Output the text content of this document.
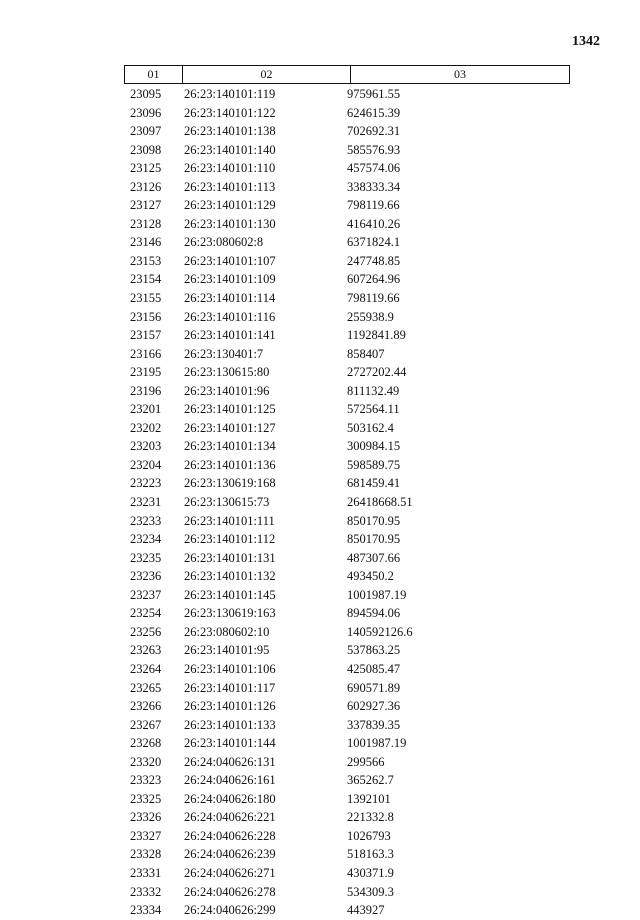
1342
01	02	03
23095	26:23:140101:119	975961.55
23096	26:23:140101:122	624615.39
23097	26:23:140101:138	702692.31
23098	26:23:140101:140	585576.93
23125	26:23:140101:110	457574.06
23126	26:23:140101:113	338333.34
23127	26:23:140101:129	798119.66
23128	26:23:140101:130	416410.26
23146	26:23:080602:8	6371824.1
23153	26:23:140101:107	247748.85
23154	26:23:140101:109	607264.96
23155	26:23:140101:114	798119.66
23156	26:23:140101:116	255938.9
23157	26:23:140101:141	1192841.89
23166	26:23:130401:7	858407
23195	26:23:130615:80	2727202.44
23196	26:23:140101:96	811132.49
23201	26:23:140101:125	572564.11
23202	26:23:140101:127	503162.4
23203	26:23:140101:134	300984.15
23204	26:23:140101:136	598589.75
23223	26:23:130619:168	681459.41
23231	26:23:130615:73	26418668.51
23233	26:23:140101:111	850170.95
23234	26:23:140101:112	850170.95
23235	26:23:140101:131	487307.66
23236	26:23:140101:132	493450.2
23237	26:23:140101:145	1001987.19
23254	26:23:130619:163	894594.06
23256	26:23:080602:10	140592126.6
23263	26:23:140101:95	537863.25
23264	26:23:140101:106	425085.47
23265	26:23:140101:117	690571.89
23266	26:23:140101:126	602927.36
23267	26:23:140101:133	337839.35
23268	26:23:140101:144	1001987.19
23320	26:24:040626:131	299566
23323	26:24:040626:161	365262.7
23325	26:24:040626:180	1392101
23326	26:24:040626:221	221332.8
23327	26:24:040626:228	1026793
23328	26:24:040626:239	518163.3
23331	26:24:040626:271	430371.9
23332	26:24:040626:278	534309.3
23334	26:24:040626:299	443927
